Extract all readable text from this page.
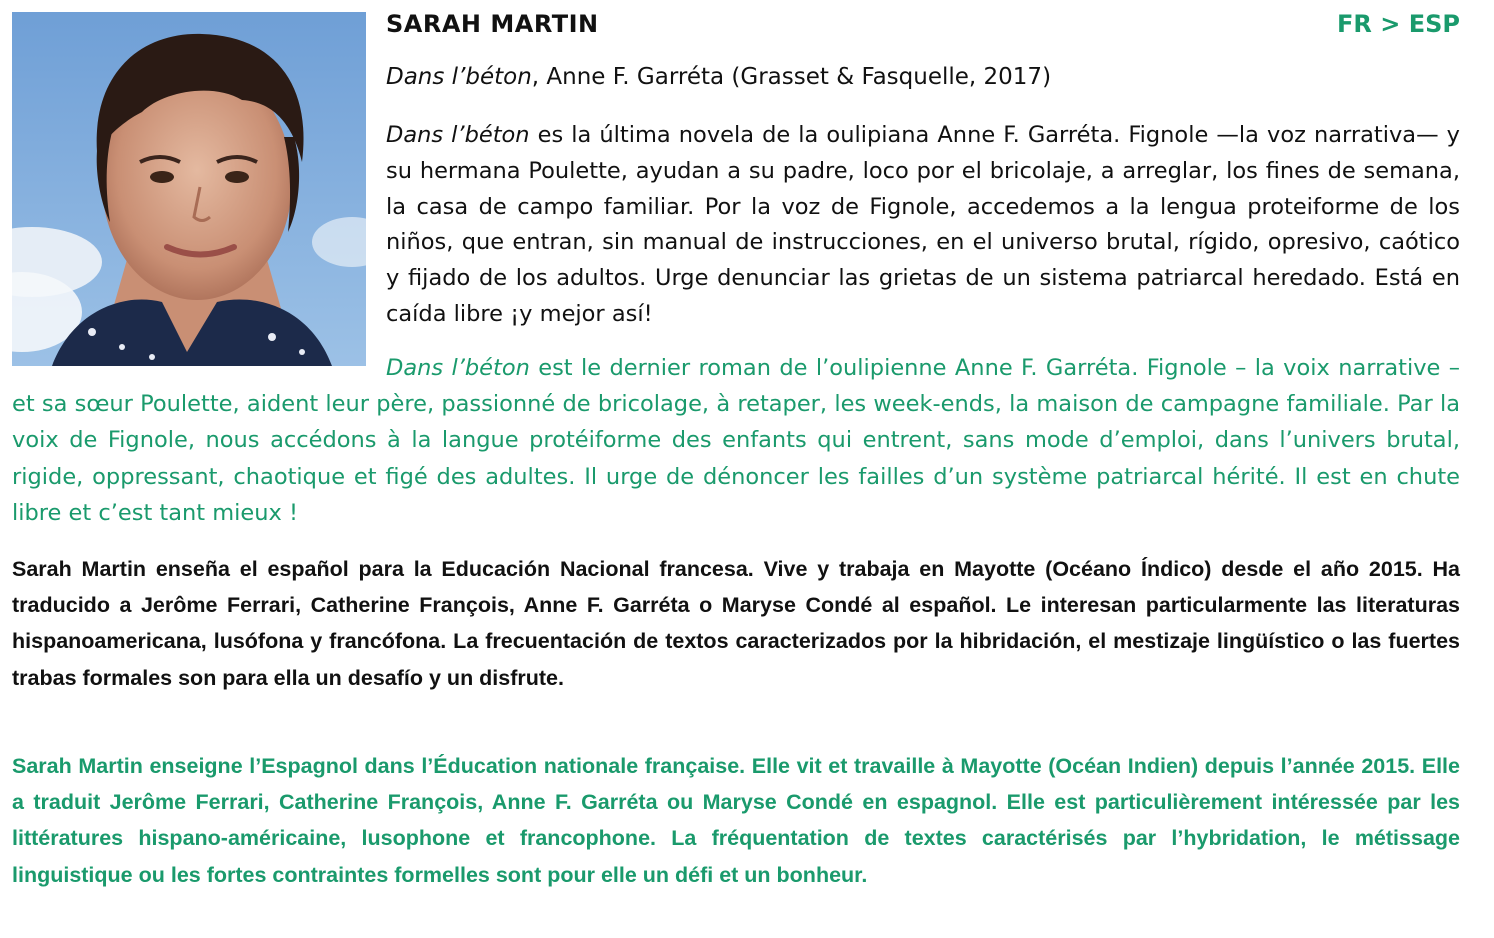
SARAH MARTIN	FR > ESP
Dans l’béton, Anne F. Garréta (Grasset & Fasquelle, 2017)

Dans l’béton es la última novela de la oulipiana Anne F. Garréta. Fignole —la voz narrativa— y su hermana Poulette, ayudan a su padre, loco por el bricolaje, a arreglar, los fines de semana, la casa de campo familiar. Por la voz de Fignole, accedemos a la lengua proteiforme de los niños, que entran, sin manual de instrucciones, en el universo brutal, rígido, opresivo, caótico y fijado de los adultos. Urge denunciar las grietas de un sistema patriarcal heredado. Está en caída libre ¡y mejor así!

Dans l’béton est le dernier roman de l’oulipienne Anne F. Garréta. Fignole – la voix narrative – et sa sœur Poulette, aident leur père, passionné de bricolage, à retaper, les week-ends, la maison de campagne familiale. Par la voix de Fignole, nous accédons à la langue protéiforme des enfants qui entrent, sans mode d’emploi, dans l’univers brutal, rigide, oppressant, chaotique et figé des adultes. Il urge de dénoncer les failles d’un système patriarcal hérité. Il est en chute libre et c’est tant mieux !

Sarah Martin enseña el español para la Educación Nacional francesa. Vive y trabaja en Mayotte (Océano Índico) desde el año 2015. Ha traducido a Jerôme Ferrari, Catherine François, Anne F. Garréta o Maryse Condé al español. Le interesan particularmente las literaturas hispanoamericana, lusófona y francófona. La frecuentación de textos caracterizados por la hibridación, el mestizaje lingüístico o las fuertes trabas formales son para ella un desafío y un disfrute.

Sarah Martin enseigne l’Espagnol dans l’Éducation nationale française. Elle vit et travaille à Mayotte (Océan Indien) depuis l’année 2015. Elle a traduit Jerôme Ferrari, Catherine François, Anne F. Garréta ou Maryse Condé en espagnol. Elle est particulièrement intéressée par les littératures hispano-américaine, lusophone et francophone. La fréquentation de textes caractérisés par l’hybridation, le métissage linguistique ou les fortes contraintes formelles sont pour elle un défi et un bonheur.
